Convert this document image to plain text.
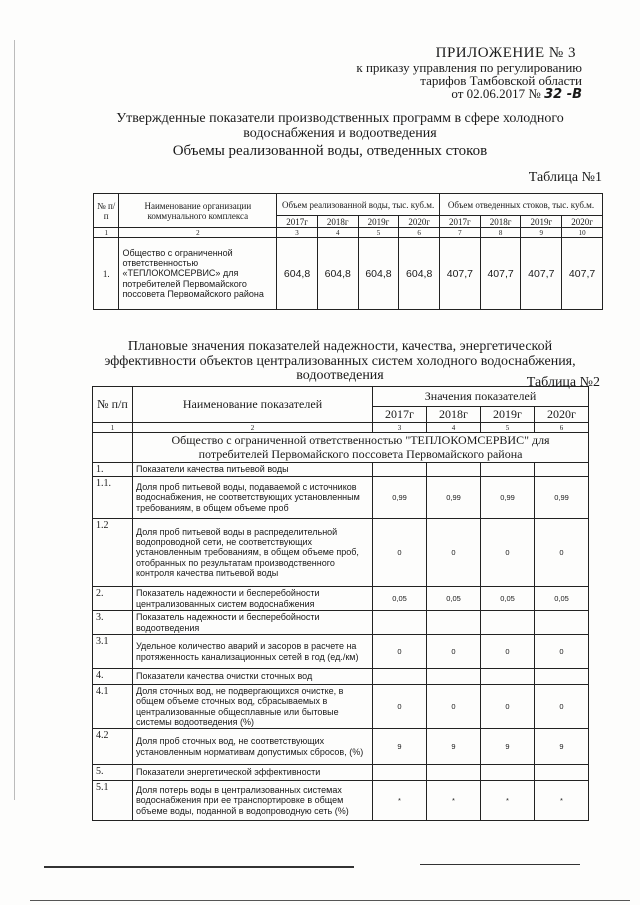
ПРИЛОЖЕНИЕ № 3
к приказу управления по регулированию
тарифов Тамбовской области
от 02.06.2017 № 32 -В
Утвержденные показатели производственных программ в сфере холодного
водоснабжения и водоотведения
Объемы реализованной воды, отведенных стоков
Таблица №1
№ п/п	Наименование организации коммунального комплекса	Объем реализованной воды, тыс. куб.м.				Объем отведенных стоков, тыс. куб.м.			
		2017г	2018г	2019г	2020г	2017г	2018г	2019г	2020г
1	2	3	4	5	6	7	8	9	10
1.	Общество с ограниченной ответственностью «ТЕПЛОКОМСЕРВИС» для потребителей Первомайского поссовета Первомайского района	604,8	604,8	604,8	604,8	407,7	407,7	407,7	407,7
Плановые значения показателей надежности, качества, энергетической
эффективности объектов централизованных систем холодного водоснабжения,
водоотведения	Таблица №2
№ п/п	Наименование показателей	Значения показателей			
		2017г	2018г	2019г	2020г
1	2	3	4	5	6
	Общество с ограниченной ответственностью "ТЕПЛОКОМСЕРВИС" для потребителей Первомайского поссовета Первомайского района				
1.	Показатели качества питьевой воды				
1.1.	Доля проб питьевой воды, подаваемой с источников водоснабжения, не соответствующих установленным требованиям, в общем объеме проб	0,99	0,99	0,99	0,99
1.2	Доля проб питьевой воды в распределительной водопроводной сети, не соответствующих установленным требованиям, в общем объеме проб, отобранных по результатам производственного контроля качества питьевой воды	0	0	0	0
2.	Показатель надежности и бесперебойности централизованных систем водоснабжения	0,05	0,05	0,05	0,05
3.	Показатель надежности и бесперебойности водоотведения				
3.1	Удельное количество аварий и засоров в расчете на протяженность канализационных сетей в год (ед./км)	0	0	0	0
4.	Показатели качества очистки сточных вод				
4.1	Доля сточных вод, не подвергающихся очистке, в общем объеме сточных вод, сбрасываемых в централизованные общесплавные или бытовые системы водоотведения (%)	0	0	0	0
4.2	Доля проб сточных вод, не соответствующих установленным нормативам допустимых сбросов, (%)	9	9	9	9
5.	Показатели энергетической эффективности				
5.1	Доля потерь воды в централизованных системах водоснабжения при ее транспортировке в общем объеме воды, поданной в водопроводную сеть (%)	*	*	*	*
